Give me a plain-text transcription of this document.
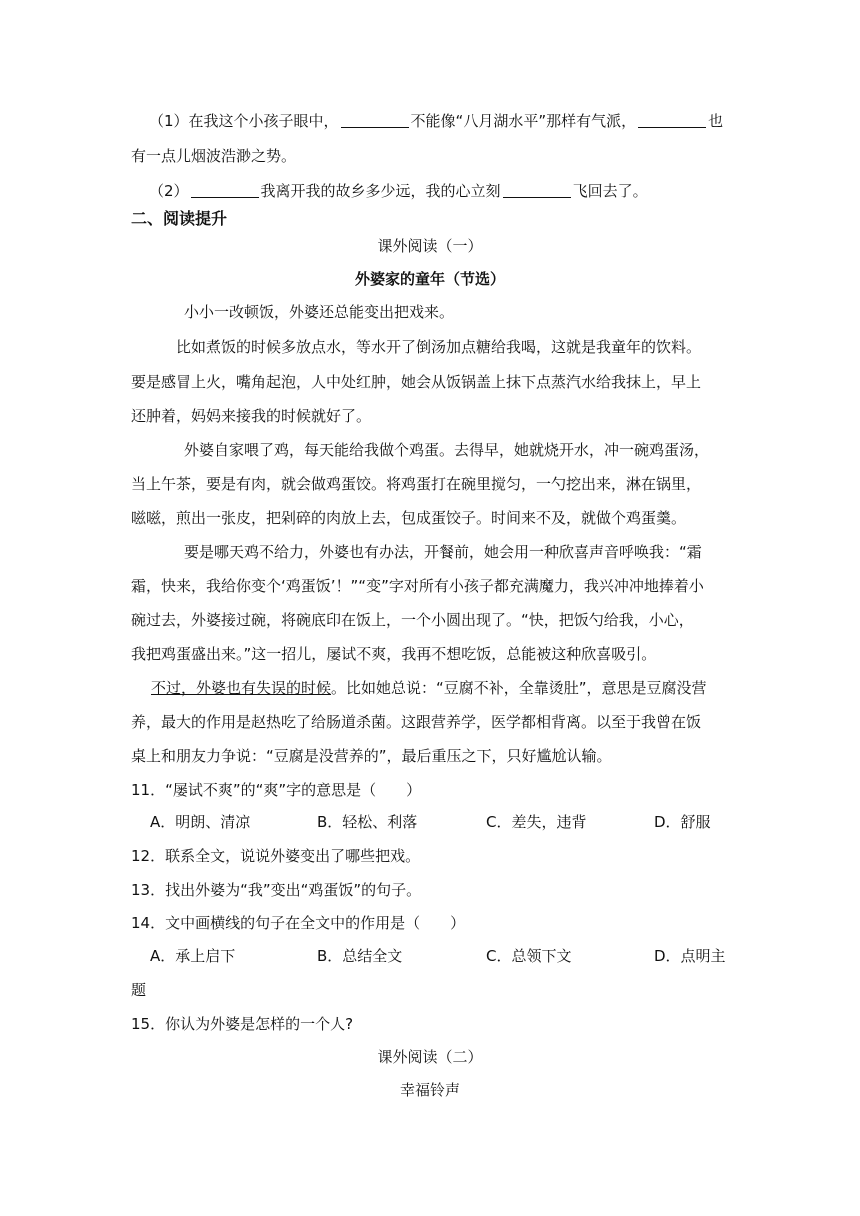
（1）在我这个小孩子眼中，	不能像“八月湖水平”那样有气派，	也
有一点儿烟波浩渺之势。
（2）	我离开我的故乡多少远，我的心立刻	飞回去了。
二、阅读提升
课外阅读（一）
外婆家的童年（节选）
小小一改顿饭，外婆还总能变出把戏来。
比如煮饭的时候多放点水，等水开了倒汤加点糖给我喝，这就是我童年的饮料。
要是感冒上火，嘴角起泡，人中处红肿，她会从饭锅盖上抹下点蒸汽水给我抹上，早上
还肿着，妈妈来接我的时候就好了。
外婆自家喂了鸡，每天能给我做个鸡蛋。去得早，她就烧开水，冲一碗鸡蛋汤，
当上午茶，要是有肉，就会做鸡蛋饺。将鸡蛋打在碗里搅匀，一勺挖出来，淋在锅里，
嗞嗞，煎出一张皮，把剁碎的肉放上去，包成蛋饺子。时间来不及，就做个鸡蛋羹。
要是哪天鸡不给力，外婆也有办法，开餐前，她会用一种欣喜声音呼唤我：“霜
霜，快来，我给你变个‘鸡蛋饭’！”“变”字对所有小孩子都充满魔力，我兴冲冲地捧着小
碗过去，外婆接过碗，将碗底印在饭上，一个小圆出现了。“快，把饭勺给我，小心，
我把鸡蛋盛出来。”这一招儿，屡试不爽，我再不想吃饭，总能被这种欣喜吸引。
不过，外婆也有失误的时候。比如她总说：“豆腐不补，全靠烫肚”，意思是豆腐没营
养，最大的作用是赵热吃了给肠道杀菌。这跟营养学，医学都相背离。以至于我曾在饭
桌上和朋友力争说：“豆腐是没营养的”，最后重压之下，只好尴尬认输。
11．“屡试不爽”的“爽”字的意思是（　　）
A．明朗、清凉	B．轻松、利落	C．差失，违背	D．舒服
12．联系全文，说说外婆变出了哪些把戏。
13．找出外婆为“我”变出“鸡蛋饭”的句子。
14．文中画横线的句子在全文中的作用是（　　）
A．承上启下	B．总结全文	C．总领下文	D．点明主
题
15．你认为外婆是怎样的一个人?
课外阅读（二）
幸福铃声
